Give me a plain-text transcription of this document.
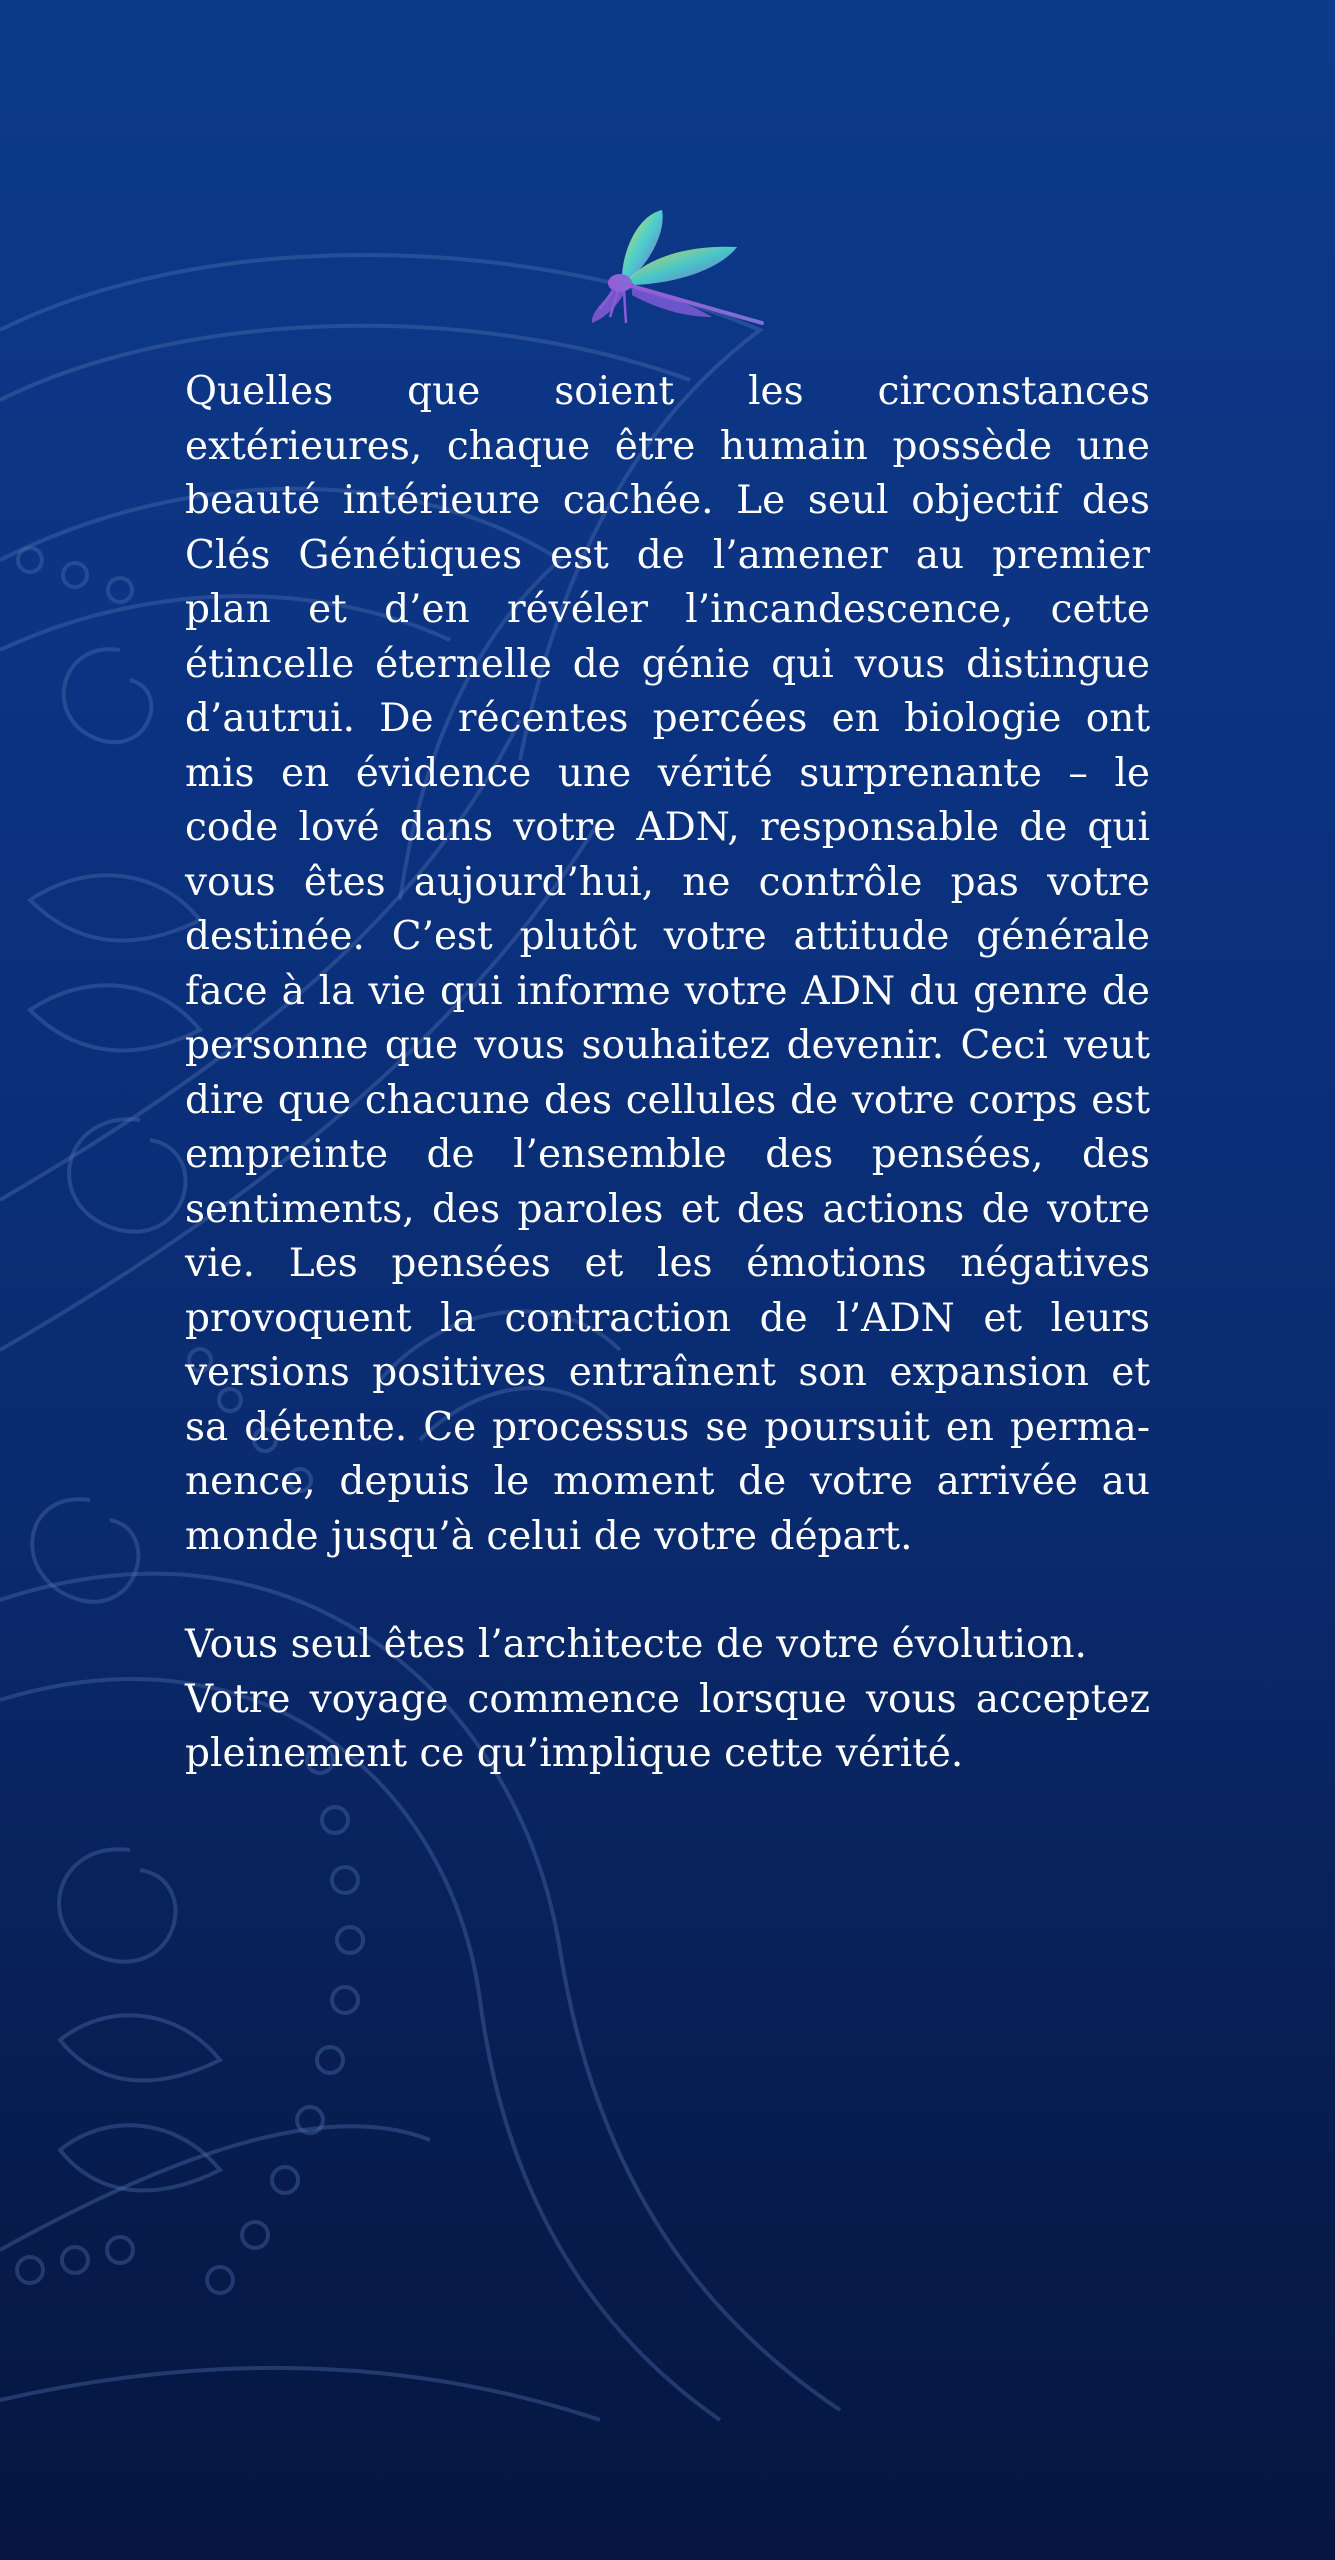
Quelles que soient les circonstances extérieures, chaque être humain possède une beauté intérieure cachée. Le seul objectif des Clés Génétiques est de l’amener au premier plan et d’en révéler l’incandescence, cette étincelle éternelle de génie qui vous distingue d’autrui. De récentes percées en biologie ont mis en évidence une vérité surprenante – le code lové dans votre ADN, responsable de qui vous êtes aujourd’hui, ne contrôle pas votre destinée. C’est plutôt votre attitude générale face à la vie qui informe votre ADN du genre de personne que vous souhaitez devenir. Ceci veut dire que chacune des cellules de votre corps est empreinte de l’ensemble des pensées, des sentiments, des paroles et des actions de votre vie. Les pensées et les émotions négatives provoquent la contraction de l’ADN et leurs versions positives entraînent son expansion et sa détente. Ce processus se poursuit en permanence, depuis le moment de votre arrivée au monde jusqu’à celui de votre départ.

Vous seul êtes l’architecte de votre évolution.
Votre voyage commence lorsque vous acceptez pleinement ce qu’implique cette vérité.
